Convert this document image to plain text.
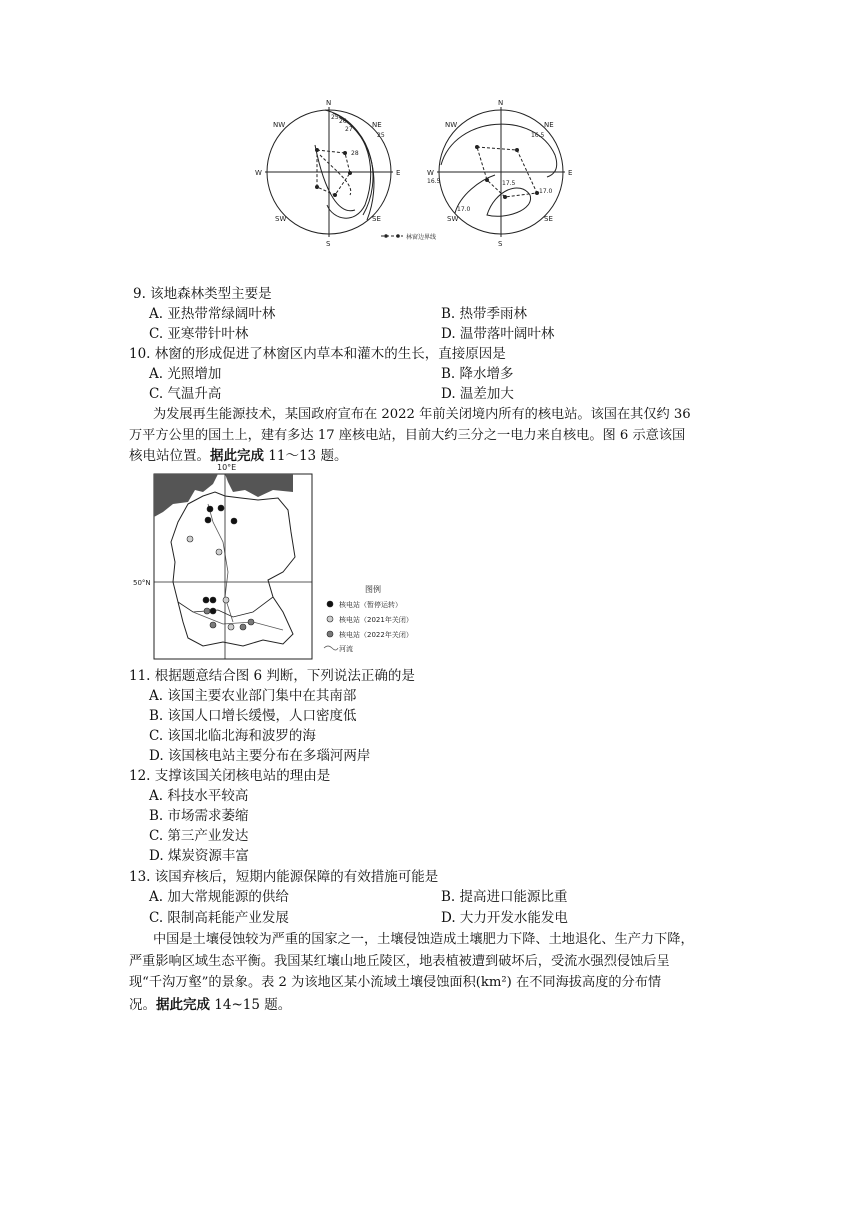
N
NE
E
SE
S
SW
W
NW
25
26
27
25
28
N
NE
E
SE
S
SW
W
NW
16.5
16.5	17.5
17.0
17.0
林窗边界线
9. 该地森林类型主要是
A. 亚热带常绿阔叶林	B. 热带季雨林
C. 亚寒带针叶林	D. 温带落叶阔叶林
10. 林窗的形成促进了林窗区内草本和灌木的生长，直接原因是
A. 光照增加	B. 降水增多
C. 气温升高	D. 温差加大
为发展再生能源技术，某国政府宣布在 2022 年前关闭境内所有的核电站。该国在其仅约 36
万平方公里的国土上，建有多达 17 座核电站，目前大约三分之一电力来自核电。图 6 示意该国
核电站位置。据此完成 11～13 题。
10°E
50°N
图例
核电站（暂停运转）
核电站（2021年关闭）
核电站（2022年关闭）
河流
11. 根据题意结合图 6 判断，下列说法正确的是
A. 该国主要农业部门集中在其南部
B. 该国人口增长缓慢，人口密度低
C. 该国北临北海和波罗的海
D. 该国核电站主要分布在多瑙河两岸
12. 支撑该国关闭核电站的理由是
A. 科技水平较高
B. 市场需求萎缩
C. 第三产业发达
D. 煤炭资源丰富
13. 该国弃核后，短期内能源保障的有效措施可能是
A. 加大常规能源的供给	B. 提高进口能源比重
C. 限制高耗能产业发展	D. 大力开发水能发电
中国是土壤侵蚀较为严重的国家之一，土壤侵蚀造成土壤肥力下降、土地退化、生产力下降，
严重影响区域生态平衡。我国某红壤山地丘陵区，地表植被遭到破坏后，受流水强烈侵蚀后呈
现“千沟万壑”的景象。表 2 为该地区某小流域土壤侵蚀面积(km²) 在不同海拔高度的分布情
况。据此完成 14~15 题。
